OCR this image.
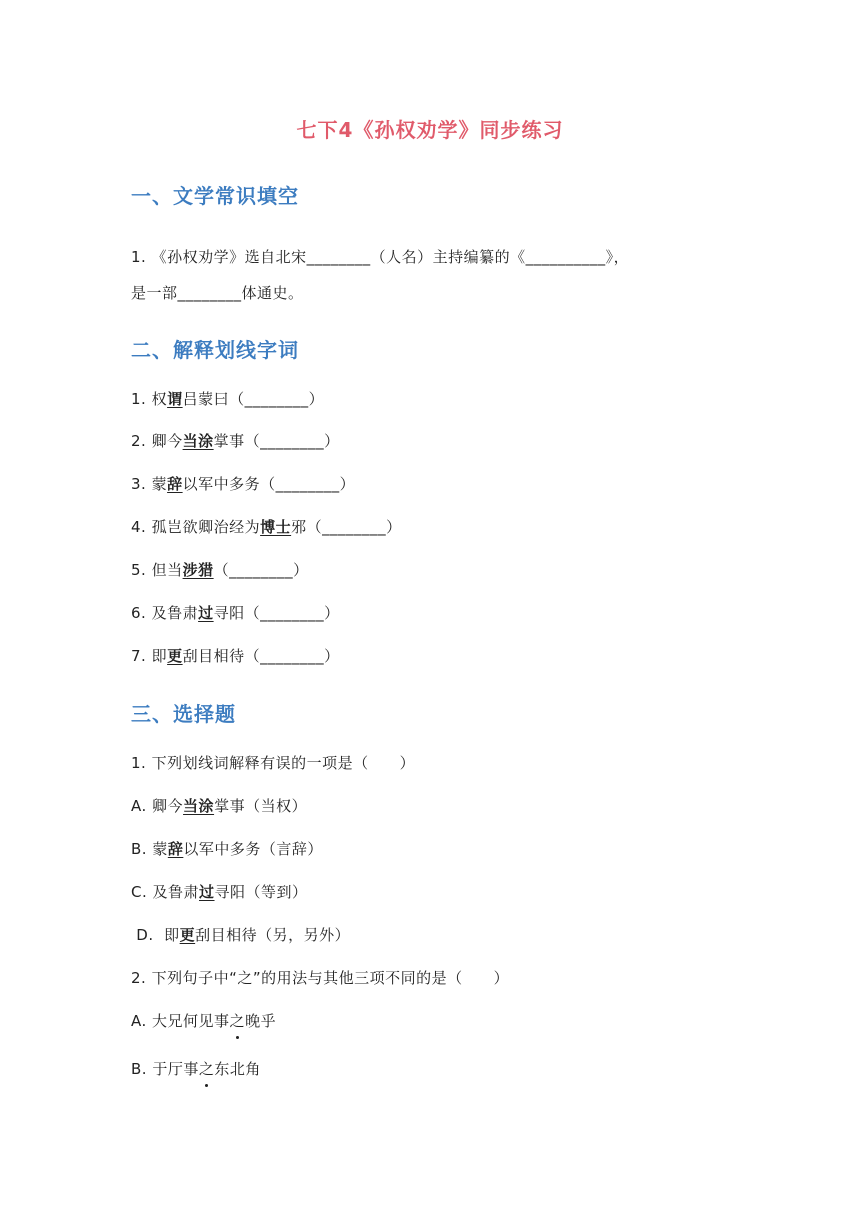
七下4《孙权劝学》同步练习
一、文学常识填空
1. 《孙权劝学》选自北宋________（人名）主持编纂的《__________》，
是一部________体通史。
二、解释划线字词
1. 权谓吕蒙曰（________）
2. 卿今当涂掌事（________）
3. 蒙辞以军中多务（________）
4. 孤岂欲卿治经为博士邪（________）
5. 但当涉猎（________）
6. 及鲁肃过寻阳（________）
7. 即更刮目相待（________）
三、选择题
1. 下列划线词解释有误的一项是（　　）
A. 卿今当涂掌事（当权）
B. 蒙辞以军中多务（言辞）
C. 及鲁肃过寻阳（等到）
D.  即更刮目相待（另，另外）
2. 下列句子中“之”的用法与其他三项不同的是（　　）
A. 大兄何见事之晚乎
B. 于厅事之东北角
